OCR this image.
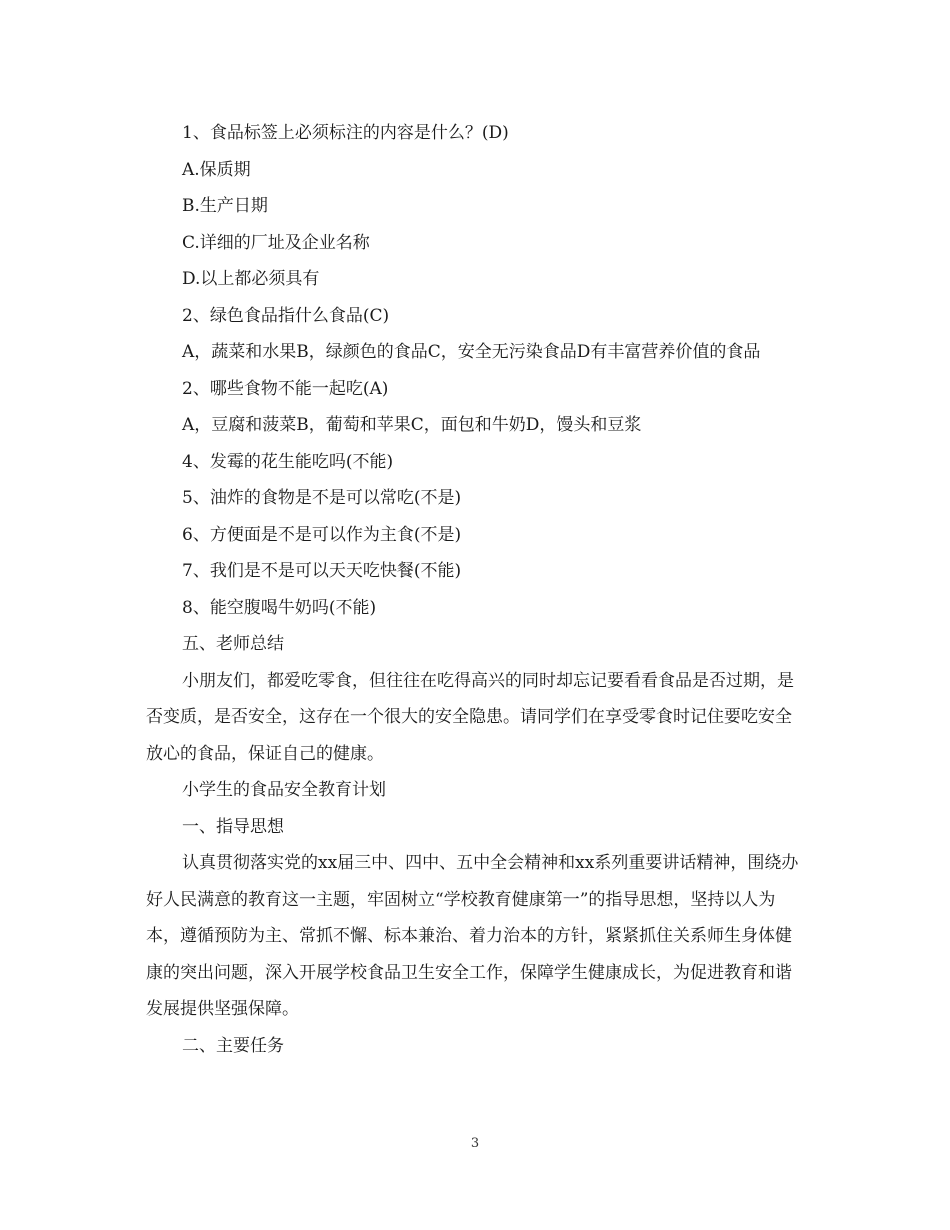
1、食品标签上必须标注的内容是什么？(D)

A.保质期

B.生产日期

C.详细的厂址及企业名称

D.以上都必须具有

2、绿色食品指什么食品(C)

A，蔬菜和水果B，绿颜色的食品C，安全无污染食品D有丰富营养价值的食品

2、哪些食物不能一起吃(A)

A，豆腐和菠菜B，葡萄和苹果C，面包和牛奶D，馒头和豆浆

4、发霉的花生能吃吗(不能)

5、油炸的食物是不是可以常吃(不是)

6、方便面是不是可以作为主食(不是)

7、我们是不是可以天天吃快餐(不能)

8、能空腹喝牛奶吗(不能)

五、老师总结

小朋友们，都爱吃零食，但往往在吃得高兴的同时却忘记要看看食品是否过期，是否变质，是否安全，这存在一个很大的安全隐患。请同学们在享受零食时记住要吃安全放心的食品，保证自己的健康。

小学生的食品安全教育计划

一、指导思想

认真贯彻落实党的xx届三中、四中、五中全会精神和xx系列重要讲话精神，围绕办好人民满意的教育这一主题，牢固树立“学校教育健康第一”的指导思想，坚持以人为本，遵循预防为主、常抓不懈、标本兼治、着力治本的方针，紧紧抓住关系师生身体健康的突出问题，深入开展学校食品卫生安全工作，保障学生健康成长，为促进教育和谐发展提供坚强保障。

二、主要任务

3
